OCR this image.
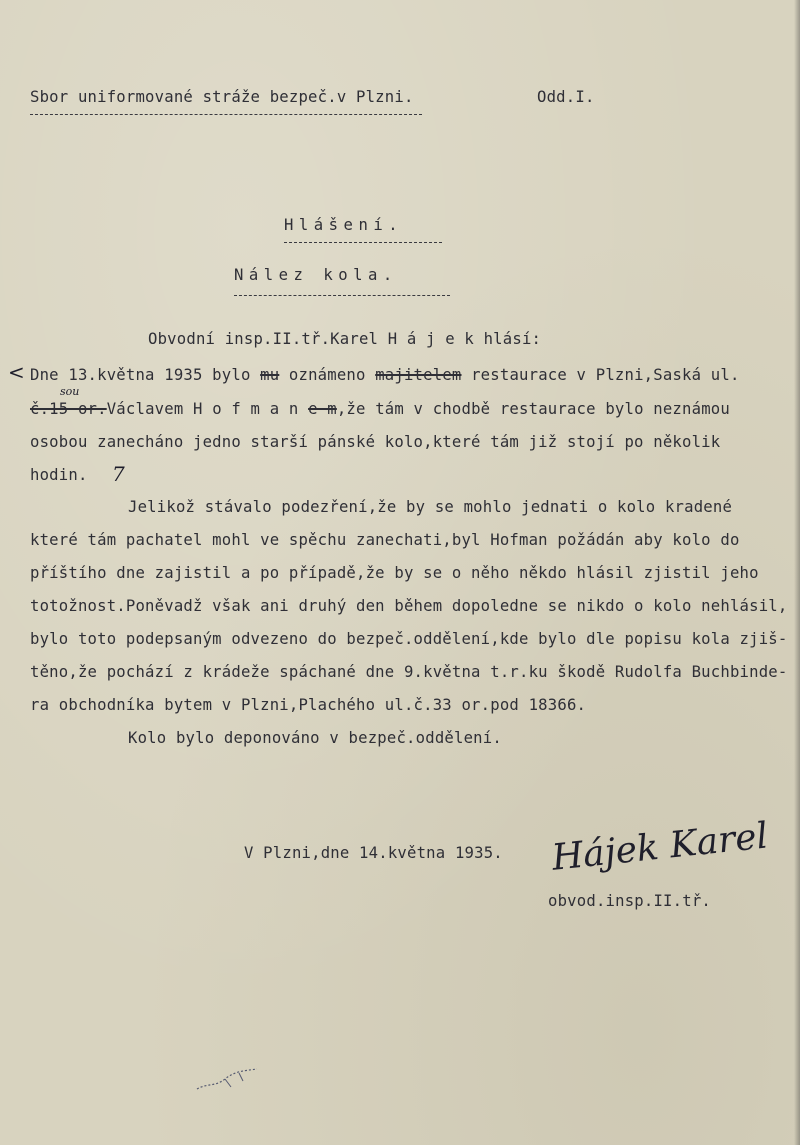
Sbor uniformované stráže bezpeč.v Plzni.	Odd.I.
Hlášení.
Nález kola.
Obvodní insp.II.tř.Karel H á j e k hlásí:
Dne 13.května 1935 bylo mu oznámeno majitelem restaurace v Plzni,Saská ul.
<
sou
č.15 or.Václavem H o f m a n e m,že tám v chodbě restaurace bylo neznámou
osobou zanecháno jedno starší pánské kolo,které tám již stojí po několik
hodin. 7
Jelikož stávalo podezření,že by se mohlo jednati o kolo kradené
které tám pachatel mohl ve spěchu zanechati,byl Hofman požádán aby kolo do
příštího dne zajistil a po případě,že by se o něho někdo hlásil zjistil jeho
totožnost.Poněvadž však ani druhý den během dopoledne se nikdo o kolo nehlásil,
bylo toto podepsaným odvezeno do bezpeč.oddělení,kde bylo dle popisu kola zjiš-
těno,že pochází z krádeže spáchané dne 9.května t.r.ku škodě Rudolfa Buchbinde-
ra obchodníka bytem v Plzni,Plachého ul.č.33 or.pod 18366.
Kolo bylo deponováno v bezpeč.oddělení.
V Plzni,dne 14.května 1935. Hájek Karel
obvod.insp.II.tř.
